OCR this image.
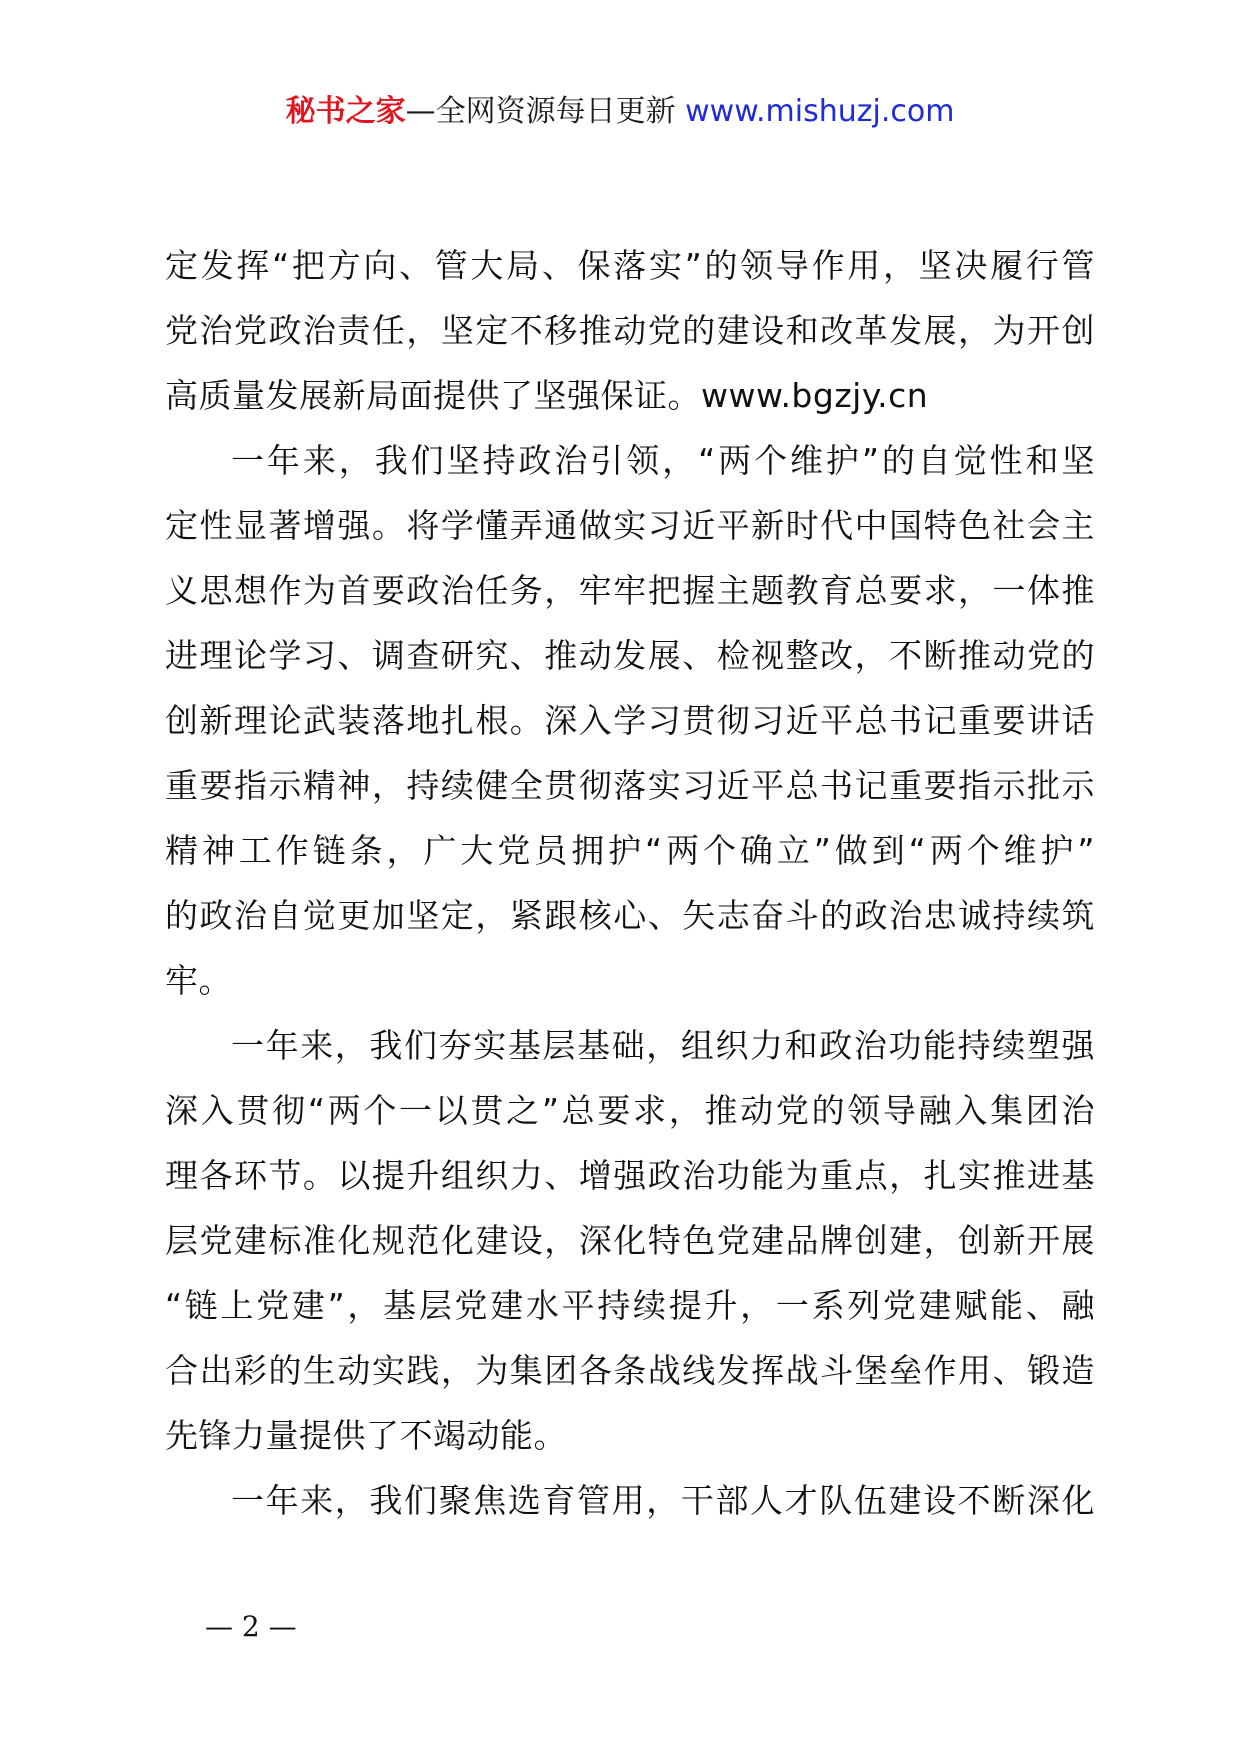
秘书之家—全网资源每日更新 www.mishuzj.com
定发挥“把方向、管大局、保落实”的领导作用，坚决履行管
党治党政治责任，坚定不移推动党的建设和改革发展，为开创
高质量发展新局面提供了坚强保证。www.bgzjy.cn
一年来，我们坚持政治引领，“两个维护”的自觉性和坚
定性显著增强。将学懂弄通做实习近平新时代中国特色社会主
义思想作为首要政治任务，牢牢把握主题教育总要求，一体推
进理论学习、调查研究、推动发展、检视整改，不断推动党的
创新理论武装落地扎根。深入学习贯彻习近平总书记重要讲话
重要指示精神，持续健全贯彻落实习近平总书记重要指示批示
精神工作链条，广大党员拥护“两个确立”做到“两个维护”
的政治自觉更加坚定，紧跟核心、矢志奋斗的政治忠诚持续筑
牢。
一年来，我们夯实基层基础，组织力和政治功能持续塑强
深入贯彻“两个一以贯之”总要求，推动党的领导融入集团治
理各环节。以提升组织力、增强政治功能为重点，扎实推进基
层党建标准化规范化建设，深化特色党建品牌创建，创新开展
“链上党建”，基层党建水平持续提升，一系列党建赋能、融
合出彩的生动实践，为集团各条战线发挥战斗堡垒作用、锻造
先锋力量提供了不竭动能。
一年来，我们聚焦选育管用，干部人才队伍建设不断深化
— 2 —
